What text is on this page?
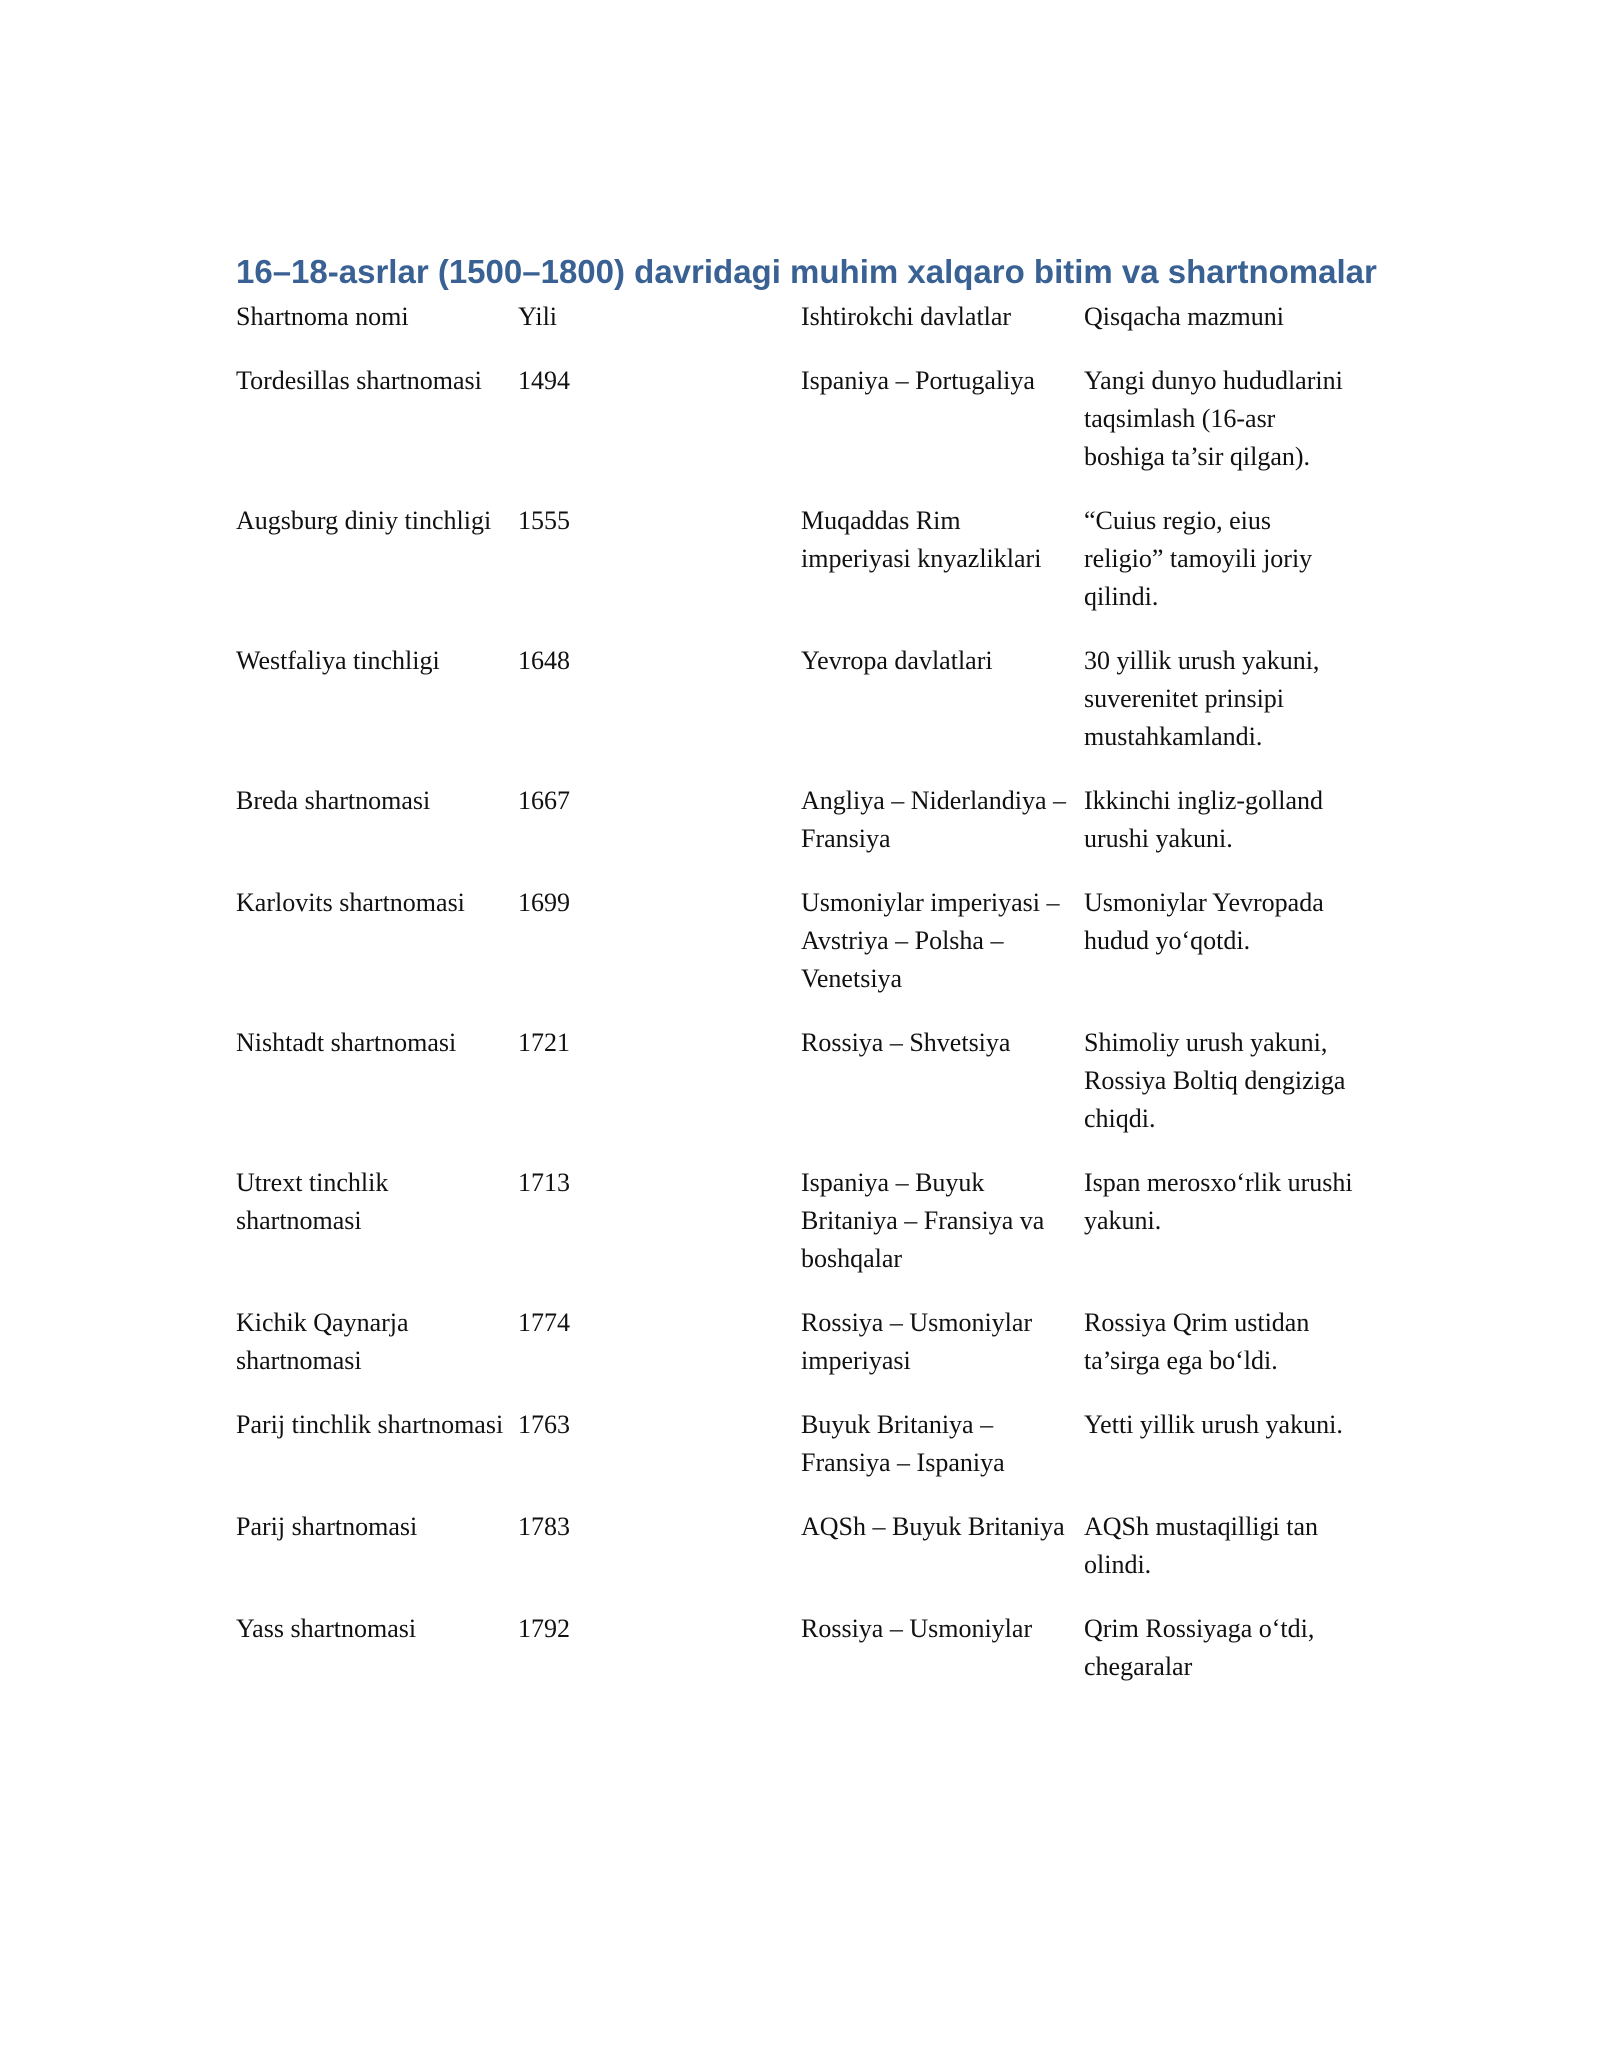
16–18-asrlar (1500–1800) davridagi muhim xalqaro bitim va shartnomalar
Shartnoma nomi	Yili	Ishtirokchi davlatlar	Qisqacha mazmuni
Tordesillas shartnomasi	1494	Ispaniya – Portugaliya	Yangi dunyo hududlarini taqsimlash (16-asr boshiga ta’sir qilgan).
Augsburg diniy tinchligi	1555	Muqaddas Rim imperiyasi knyazliklari	“Cuius regio, eius religio” tamoyili joriy qilindi.
Westfaliya tinchligi	1648	Yevropa davlatlari	30 yillik urush yakuni, suverenitet prinsipi mustahkamlandi.
Breda shartnomasi	1667	Angliya – Niderlandiya – Fransiya	Ikkinchi ingliz-golland urushi yakuni.
Karlovits shartnomasi	1699	Usmoniylar imperiyasi – Avstriya – Polsha – Venetsiya	Usmoniylar Yevropada hudud yo‘qotdi.
Nishtadt shartnomasi	1721	Rossiya – Shvetsiya	Shimoliy urush yakuni, Rossiya Boltiq dengiziga chiqdi.
Utrext tinchlik shartnomasi	1713	Ispaniya – Buyuk Britaniya – Fransiya va boshqalar	Ispan merosxo‘rlik urushi yakuni.
Kichik Qaynarja shartnomasi	1774	Rossiya – Usmoniylar imperiyasi	Rossiya Qrim ustidan ta’sirga ega bo‘ldi.
Parij tinchlik shartnomasi	1763	Buyuk Britaniya – Fransiya – Ispaniya	Yetti yillik urush yakuni.
Parij shartnomasi	1783	AQSh – Buyuk Britaniya	AQSh mustaqilligi tan olindi.
Yass shartnomasi	1792	Rossiya – Usmoniylar	Qrim Rossiyaga o‘tdi, chegaralar
